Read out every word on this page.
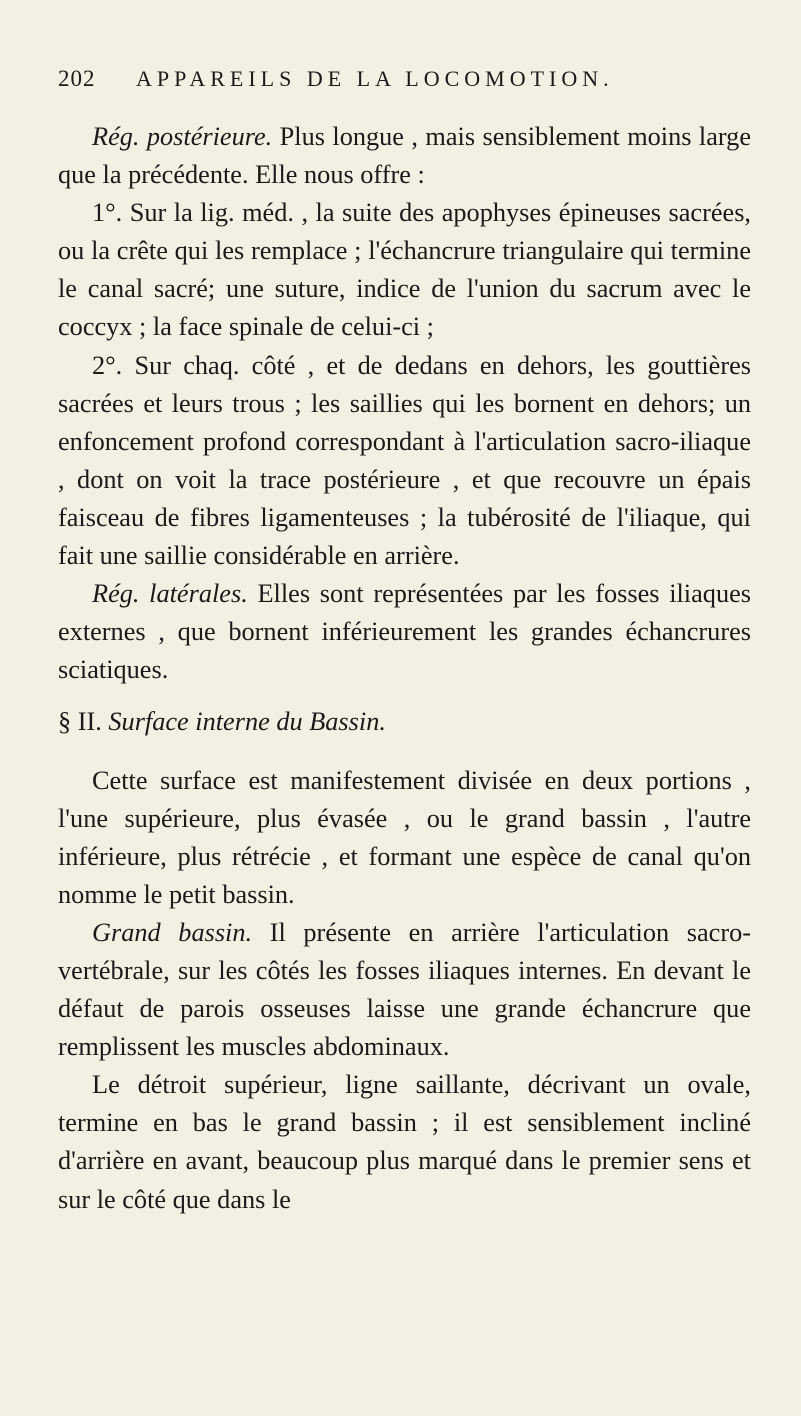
202	APPAREILS DE LA LOCOMOTION.

Rég. postérieure. Plus longue , mais sensiblement moins large que la précédente. Elle nous offre :

1°. Sur la lig. méd. , la suite des apophyses épineuses sacrées, ou la crête qui les remplace ; l'échancrure triangulaire qui termine le canal sacré; une suture, indice de l'union du sacrum avec le coccyx ; la face spinale de celui-ci ;

2°. Sur chaq. côté , et de dedans en dehors, les gouttières sacrées et leurs trous ; les saillies qui les bornent en dehors; un enfoncement profond correspondant à l'articulation sacro-iliaque , dont on voit la trace postérieure , et que recouvre un épais faisceau de fibres ligamenteuses ; la tubérosité de l'iliaque, qui fait une saillie considérable en arrière.

Rég. latérales. Elles sont représentées par les fosses iliaques externes , que bornent inférieurement les grandes échancrures sciatiques.

§ II. Surface interne du Bassin.

Cette surface est manifestement divisée en deux portions , l'une supérieure, plus évasée , ou le grand bassin , l'autre inférieure, plus rétrécie , et formant une espèce de canal qu'on nomme le petit bassin.

Grand bassin. Il présente en arrière l'articulation sacro-vertébrale, sur les côtés les fosses iliaques internes. En devant le défaut de parois osseuses laisse une grande échancrure que remplissent les muscles abdominaux.

Le détroit supérieur, ligne saillante, décrivant un ovale, termine en bas le grand bassin ; il est sensiblement incliné d'arrière en avant, beaucoup plus marqué dans le premier sens et sur le côté que dans le
